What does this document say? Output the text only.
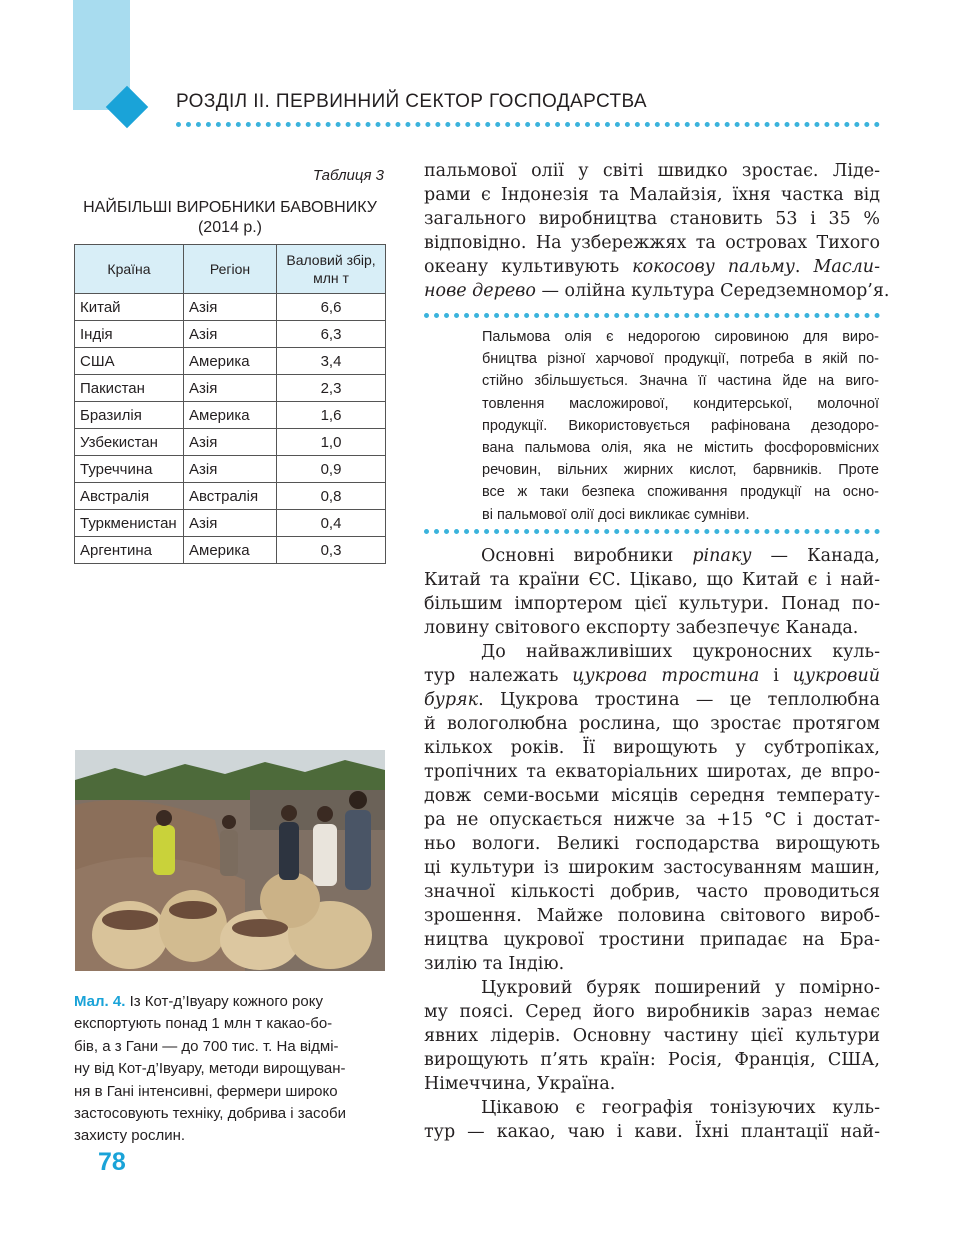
РОЗДІЛ ІІ. ПЕРВИННИЙ СЕКТОР ГОСПОДАРСТВА
Таблиця 3
НАЙБІЛЬШІ ВИРОБНИКИ БАВОВНИКУ
(2014 р.)
Країна	Регіон	Валовий збір, млн т
Китай	Азія	6,6
Індія	Азія	6,3
США	Америка	3,4
Пакистан	Азія	2,3
Бразилія	Америка	1,6
Узбекистан	Азія	1,0
Туреччина	Азія	0,9
Австралія	Австралія	0,8
Туркменистан	Азія	0,4
Аргентина	Америка	0,3
Мал. 4. Із Кот-д’Івуару кожного року
експортують понад 1 млн т какао-бо-
бів, а з Гани — до 700 тис. т. На відмі-
ну від Кот-д’Івуару, методи вирощуван-
ня в Гані інтенсивні, фермери широко
застосовують техніку, добрива і засоби
захисту рослин.
78
пальмової олії у світі швидко зростає. Ліде-
рами є Індонезія та Малайзія, їхня частка від
загального виробництва становить 53 і 35 %
відповідно. На узбережжях та островах Тихого
океану культивують кокосову пальму. Масли-
нове дерево — олійна культура Середземномор’я.
Пальмова олія є недорогою сировиною для виро-
бництва різної харчової продукції, потреба в якій по-
стійно збільшується. Значна її частина йде на виго-
товлення масложирової, кондитерської, молочної
продукції. Використовується рафінована дезодоро-
вана пальмова олія, яка не містить фосфоровмісних
речовин, вільних жирних кислот, барвників. Проте
все ж таки безпека споживання продукції на осно-
ві пальмової олії досі викликає сумніви.
Основні виробники ріпаку — Канада,
Китай та країни ЄС. Цікаво, що Китай є і най-
більшим імпортером цієї культури. Понад по-
ловину світового експорту забезпечує Канада.
До найважливіших цукроносних куль-
тур належать цукрова тростина і цукровий
буряк. Цукрова тростина — це теплолюбна
й вологолюбна рослина, що зростає протягом
кількох років. Її вирощують у субтропіках,
тропічних та екваторіальних широтах, де впро-
довж семи-восьми місяців середня температу-
ра не опускається нижче за +15 °C і достат-
ньо вологи. Великі господарства вирощують
ці культури із широким застосуванням машин,
значної кількості добрив, часто проводиться
зрошення. Майже половина світового вироб-
ництва цукрової тростини припадає на Бра-
зилію та Індію.
Цукровий буряк поширений у помірно-
му поясі. Серед його виробників зараз немає
явних лідерів. Основну частину цієї культури
вирощують п’ять країн: Росія, Франція, США,
Німеччина, Україна.
Цікавою є географія тонізуючих куль-
тур — какао, чаю і кави. Їхні плантації най-
